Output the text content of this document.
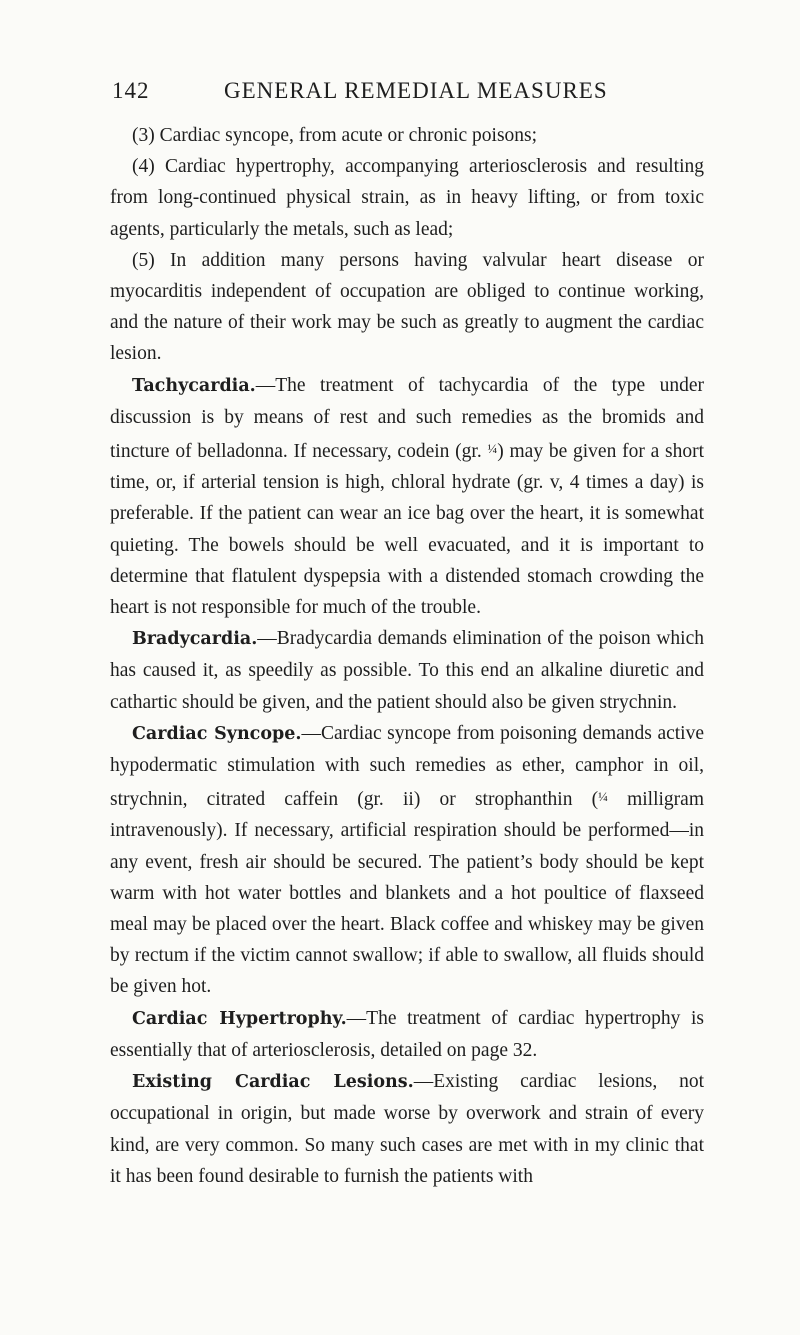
142	GENERAL REMEDIAL MEASURES

(3) Cardiac syncope, from acute or chronic poisons;

(4) Cardiac hypertrophy, accompanying arteriosclerosis and resulting from long-continued physical strain, as in heavy lifting, or from toxic agents, particularly the metals, such as lead;

(5) In addition many persons having valvular heart disease or myocarditis independent of occupation are obliged to continue working, and the nature of their work may be such as greatly to augment the cardiac lesion.

Tachycardia.—The treatment of tachycardia of the type under discussion is by means of rest and such remedies as the bromids and tincture of belladonna. If necessary, codein (gr. $^{\frac{1}{4}}$) may be given for a short time, or, if arterial tension is high, chloral hydrate (gr. v, 4 times a day) is preferable. If the patient can wear an ice bag over the heart, it is somewhat quieting. The bowels should be well evacuated, and it is important to determine that flatulent dyspepsia with a distended stomach crowding the heart is not responsible for much of the trouble.

Bradycardia.—Bradycardia demands elimination of the poison which has caused it, as speedily as possible. To this end an alkaline diuretic and cathartic should be given, and the patient should also be given strychnin.

Cardiac Syncope.—Cardiac syncope from poisoning demands active hypodermatic stimulation with such remedies as ether, camphor in oil, strychnin, citrated caffein (gr. ii) or strophanthin ($^{\frac{1}{4}}$ milligram intravenously). If necessary, artificial respiration should be performed—in any event, fresh air should be secured. The patient’s body should be kept warm with hot water bottles and blankets and a hot poultice of flaxseed meal may be placed over the heart. Black coffee and whiskey may be given by rectum if the victim cannot swallow; if able to swallow, all fluids should be given hot.

Cardiac Hypertrophy.—The treatment of cardiac hypertrophy is essentially that of arteriosclerosis, detailed on page 32.

Existing Cardiac Lesions.—Existing cardiac lesions, not occupational in origin, but made worse by overwork and strain of every kind, are very common. So many such cases are met with in my clinic that it has been found desirable to furnish the patients with
